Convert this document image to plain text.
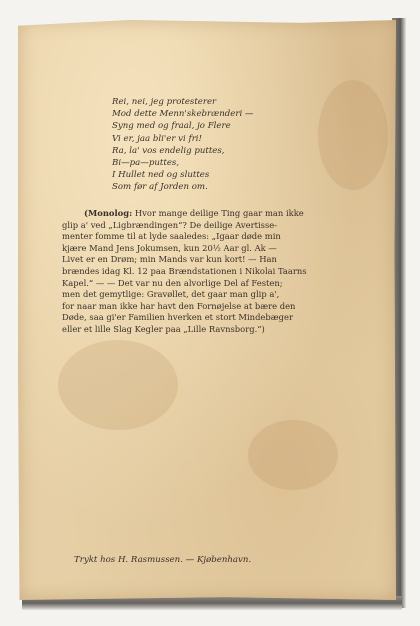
Rei, nei, jeg protesterer
Mod dette Menn'skebrænderi —
Syng med og fraal, jo Flere
Vi er, jaa bli'er vi fri!
Ra, la' vos endelig puttes,
Bi—pa—puttes,
I Hullet ned og sluttes
Som før af Jorden om.
(Monolog: Hvor mange deilige Ting gaar man ikke
glip a' ved „Ligbrændingen“? De deilige Avertisse-
menter fomme til at lyde saaledes: „Igaar døde min
kjære Mand Jens Jokumsen, kun 20½ Aar gl. Ak —
Livet er en Drøm; min Mands var kun kort! — Han
brændes idag Kl. 12 paa Brændstationen i Nikolai Taarns
Kapel.“ — — Det var nu den alvorlige Del af Festen;
men det gemytlige: Gravøllet, det gaar man glip a',
for naar man ikke har havt den Fornøjelse at bære den
Døde, saa gi'er Familien hverken et stort Mindebæger
eller et lille Slag Kegler paa „Lille Ravnsborg.“)
Trykt hos H. Rasmussen. — Kjøbenhavn.
